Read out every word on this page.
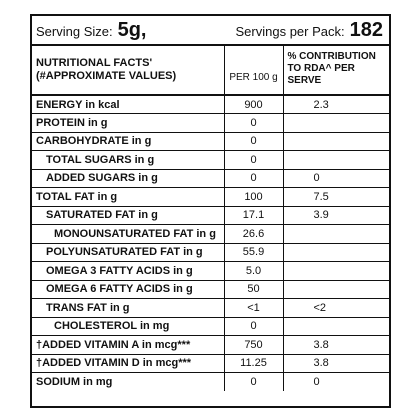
Serving Size: 5g,	Servings per Pack: 182
NUTRITIONAL FACTS'
(#APPROXIMATE VALUES)	PER 100 g	% CONTRIBUTION
TO RDA^ PER
SERVE
ENERGY in kcal	900	2.3
PROTEIN in g	0	
CARBOHYDRATE in g	0	
TOTAL SUGARS in g	0	
ADDED SUGARS in g	0	0
TOTAL FAT in g	100	7.5
SATURATED FAT in g	17.1	3.9
MONOUNSATURATED FAT in g	26.6	
POLYUNSATURATED FAT in g	55.9	
OMEGA 3 FATTY ACIDS in g	5.0	
OMEGA 6 FATTY ACIDS in g	50	
TRANS FAT in g	<1	<2
CHOLESTEROL in mg	0	
†ADDED VITAMIN A in mcg***	750	3.8
†ADDED VITAMIN D in mcg***	11.25	3.8
SODIUM in mg	0	0
